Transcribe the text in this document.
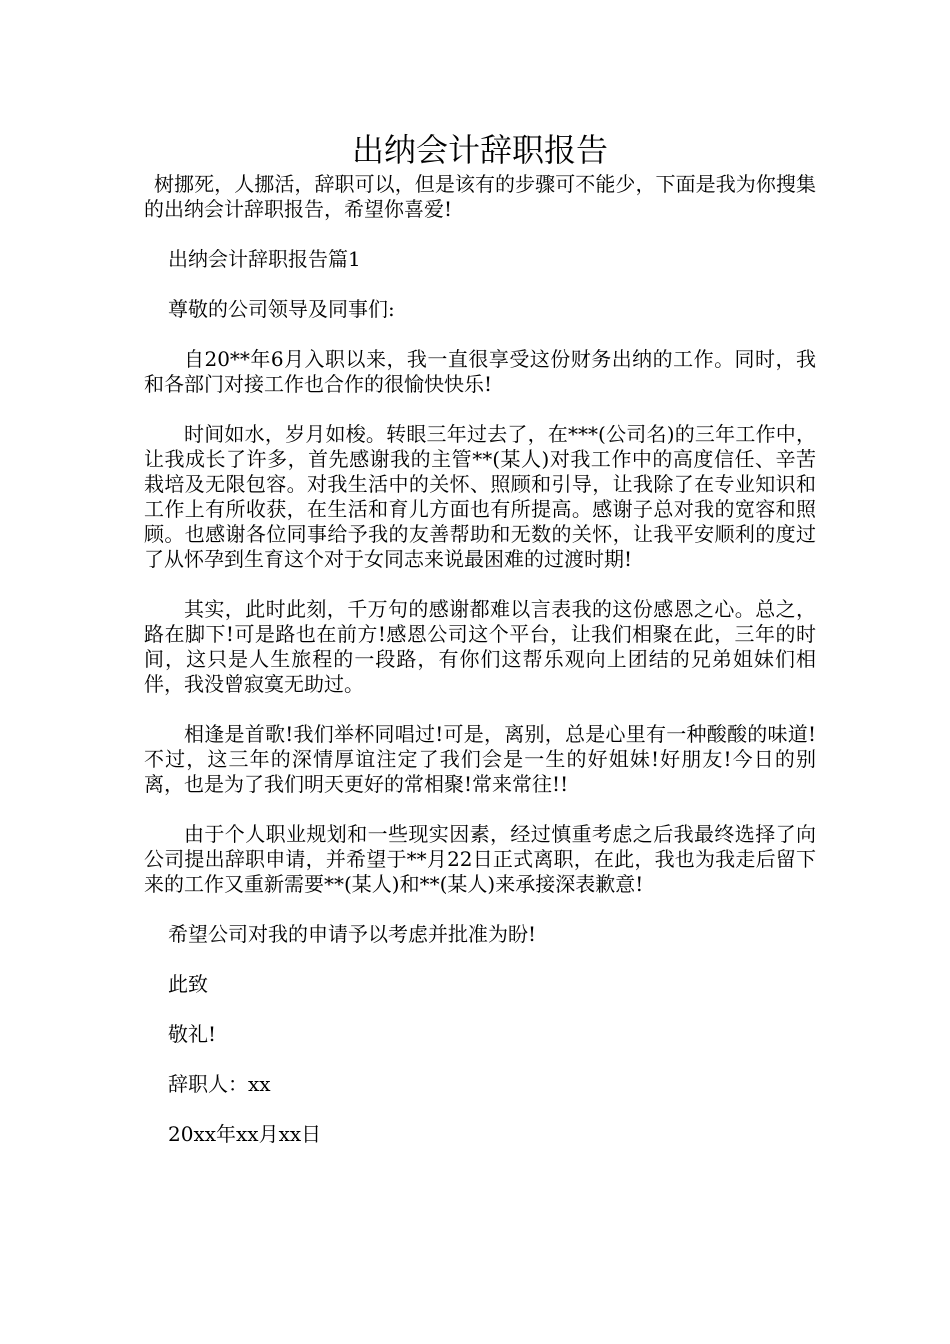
出纳会计辞职报告

树挪死，人挪活，辞职可以，但是该有的步骤可不能少，下面是我为你搜集的出纳会计辞职报告，希望你喜爱!

出纳会计辞职报告篇1

尊敬的公司领导及同事们:

自20**年6月入职以来，我一直很享受这份财务出纳的工作。同时，我和各部门对接工作也合作的很愉快快乐!

时间如水，岁月如梭。转眼三年过去了，在***(公司名)的三年工作中，让我成长了许多，首先感谢我的主管**(某人)对我工作中的高度信任、辛苦栽培及无限包容。对我生活中的关怀、照顾和引导，让我除了在专业知识和工作上有所收获，在生活和育儿方面也有所提高。感谢子总对我的宽容和照顾。也感谢各位同事给予我的友善帮助和无数的关怀，让我平安顺利的度过了从怀孕到生育这个对于女同志来说最困难的过渡时期!

其实，此时此刻，千万句的感谢都难以言表我的这份感恩之心。总之，路在脚下!可是路也在前方!感恩公司这个平台，让我们相聚在此，三年的时间，这只是人生旅程的一段路，有你们这帮乐观向上团结的兄弟姐妹们相伴，我没曾寂寞无助过。

相逢是首歌!我们举杯同唱过!可是，离别，总是心里有一种酸酸的味道!不过，这三年的深情厚谊注定了我们会是一生的好姐妹!好朋友!今日的别离，也是为了我们明天更好的常相聚!常来常往!!

由于个人职业规划和一些现实因素，经过慎重考虑之后我最终选择了向公司提出辞职申请，并希望于**月22日正式离职，在此，我也为我走后留下来的工作又重新需要**(某人)和**(某人)来承接深表歉意!

希望公司对我的申请予以考虑并批准为盼!

此致

敬礼!

辞职人：xx

20xx年xx月xx日
